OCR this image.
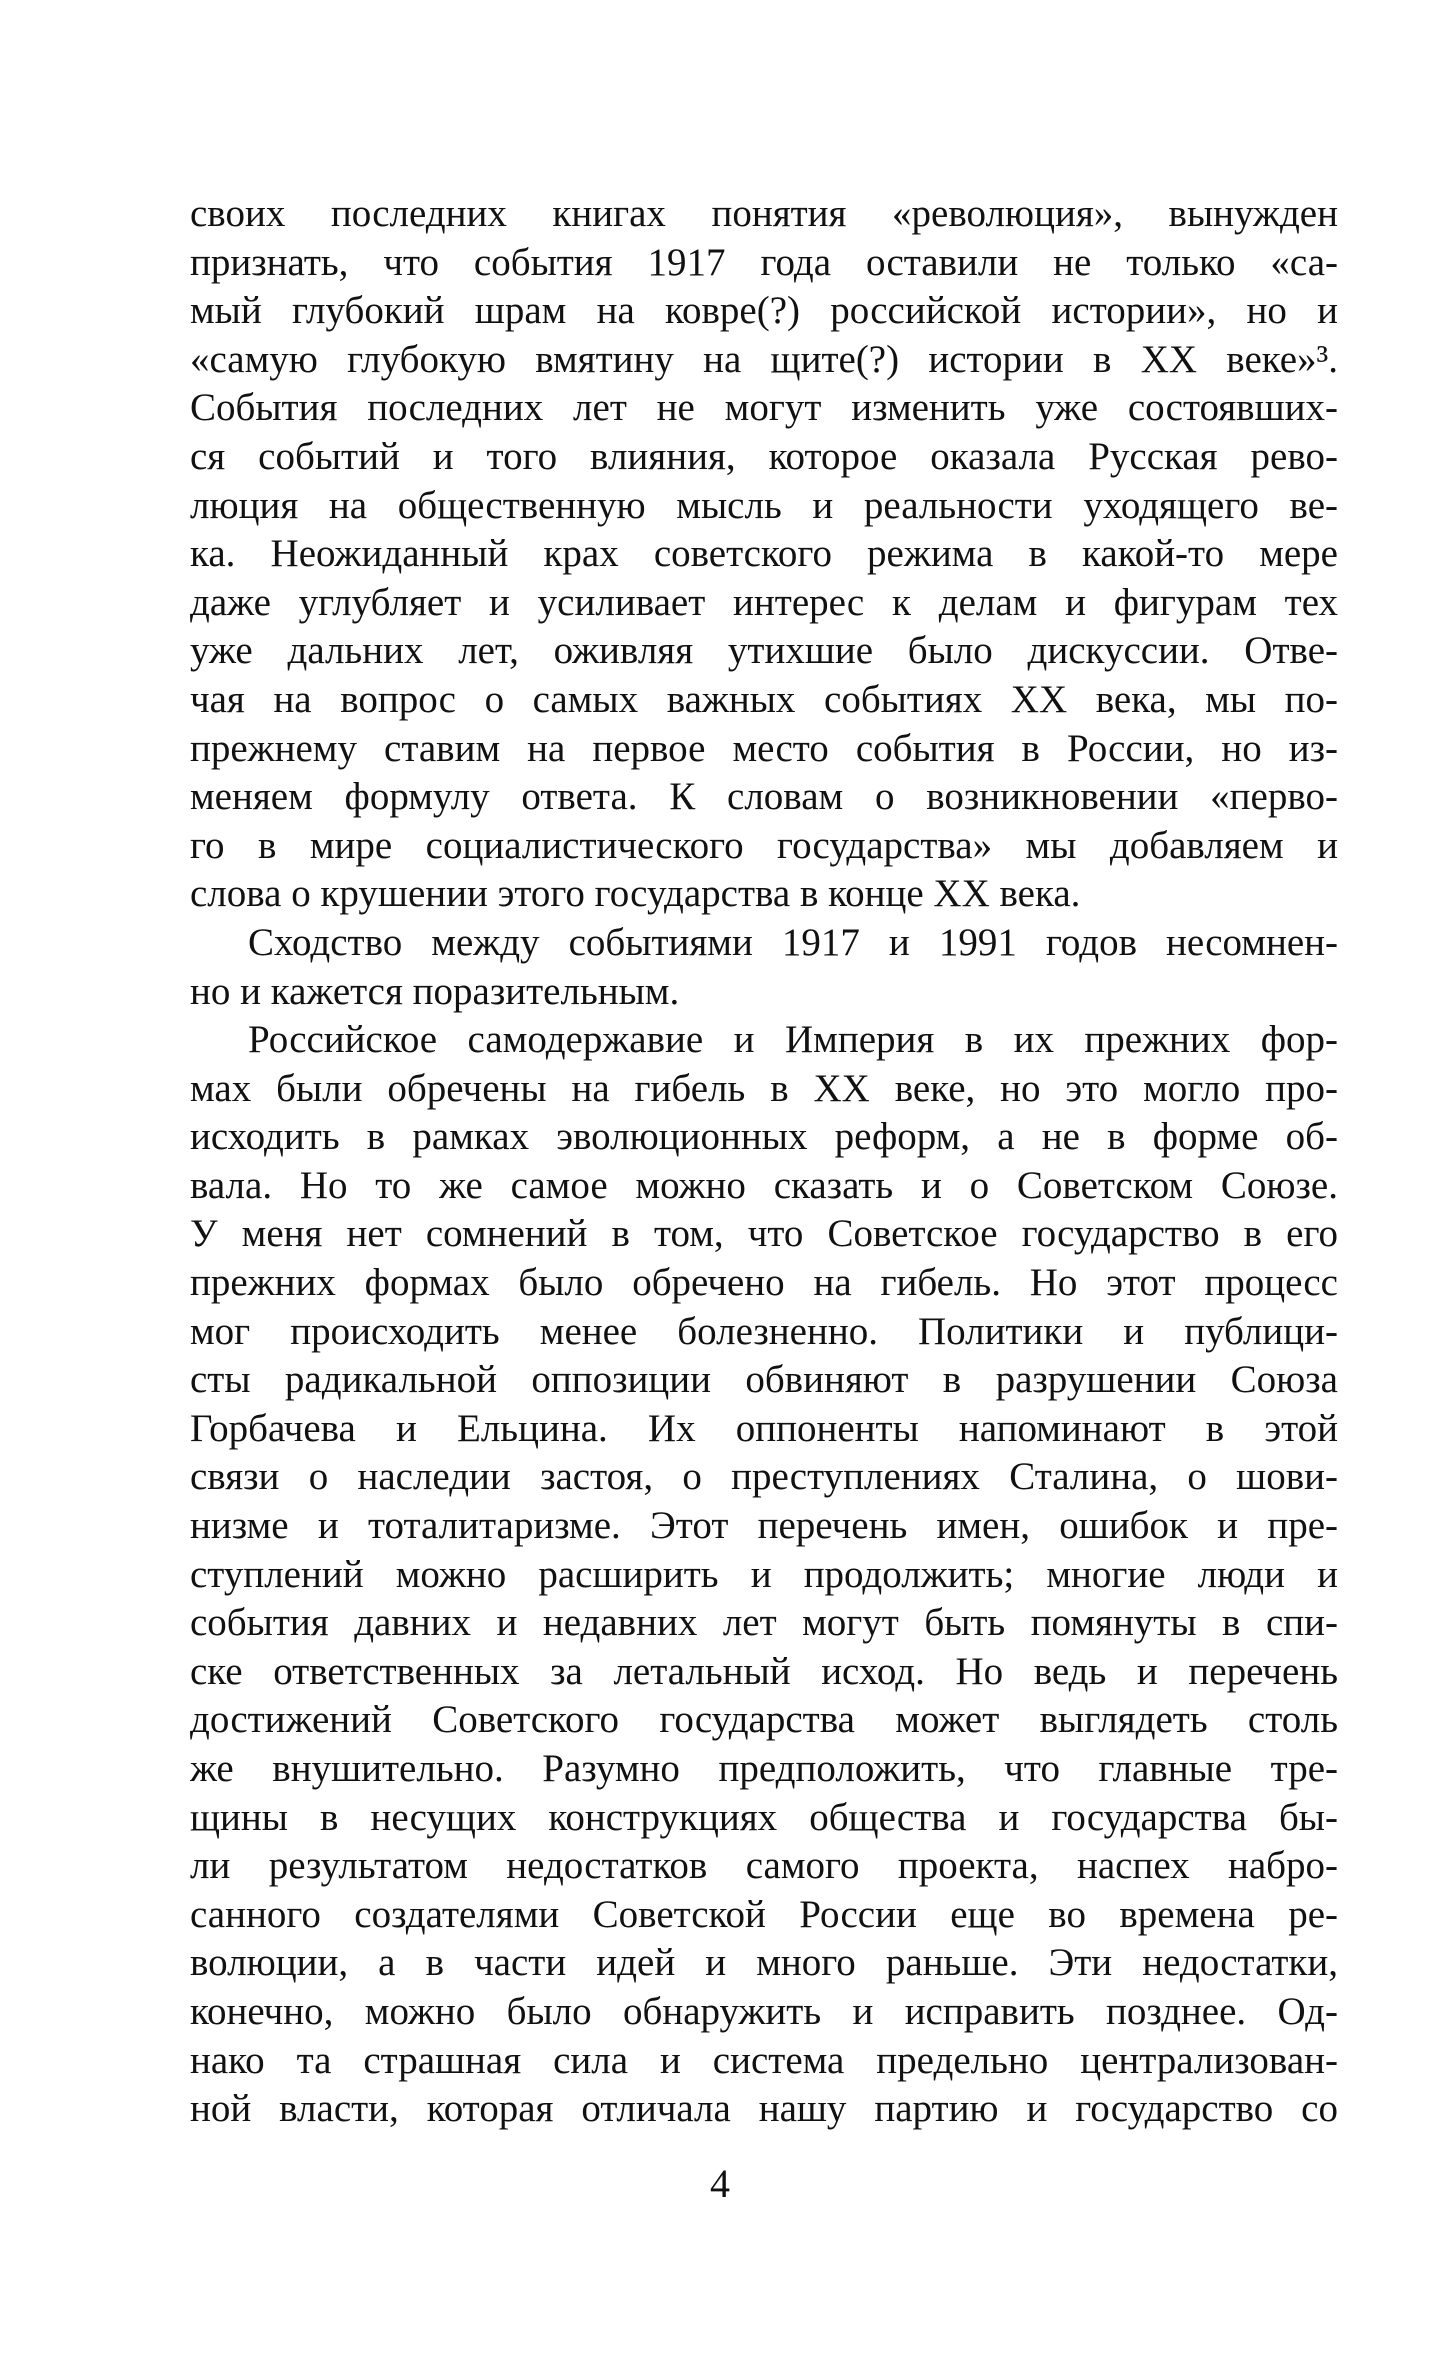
своих последних книгах понятия «революция», вынужден
признать, что события 1917 года оставили не только «са-
мый глубокий шрам на ковре(?) российской истории», но и
«самую глубокую вмятину на щите(?) истории в XX веке»³.
События последних лет не могут изменить уже состоявших-
ся событий и того влияния, которое оказала Русская рево-
люция на общественную мысль и реальности уходящего ве-
ка. Неожиданный крах советского режима в какой-то мере
даже углубляет и усиливает интерес к делам и фигурам тех
уже дальних лет, оживляя утихшие было дискуссии. Отве-
чая на вопрос о самых важных событиях XX века, мы по-
прежнему ставим на первое место события в России, но из-
меняем формулу ответа. К словам о возникновении «перво-
го в мире социалистического государства» мы добавляем и
слова о крушении этого государства в конце XX века.
Сходство между событиями 1917 и 1991 годов несомнен-
но и кажется поразительным.
Российское самодержавие и Империя в их прежних фор-
мах были обречены на гибель в XX веке, но это могло про-
исходить в рамках эволюционных реформ, а не в форме об-
вала. Но то же самое можно сказать и о Советском Союзе.
У меня нет сомнений в том, что Советское государство в его
прежних формах было обречено на гибель. Но этот процесс
мог происходить менее болезненно. Политики и публици-
сты радикальной оппозиции обвиняют в разрушении Союза
Горбачева и Ельцина. Их оппоненты напоминают в этой
связи о наследии застоя, о преступлениях Сталина, о шови-
низме и тоталитаризме. Этот перечень имен, ошибок и пре-
ступлений можно расширить и продолжить; многие люди и
события давних и недавних лет могут быть помянуты в спи-
ске ответственных за летальный исход. Но ведь и перечень
достижений Советского государства может выглядеть столь
же внушительно. Разумно предположить, что главные тре-
щины в несущих конструкциях общества и государства бы-
ли результатом недостатков самого проекта, наспех набро-
санного создателями Советской России еще во времена ре-
волюции, а в части идей и много раньше. Эти недостатки,
конечно, можно было обнаружить и исправить позднее. Од-
нако та страшная сила и система предельно централизован-
ной власти, которая отличала нашу партию и государство со
4
